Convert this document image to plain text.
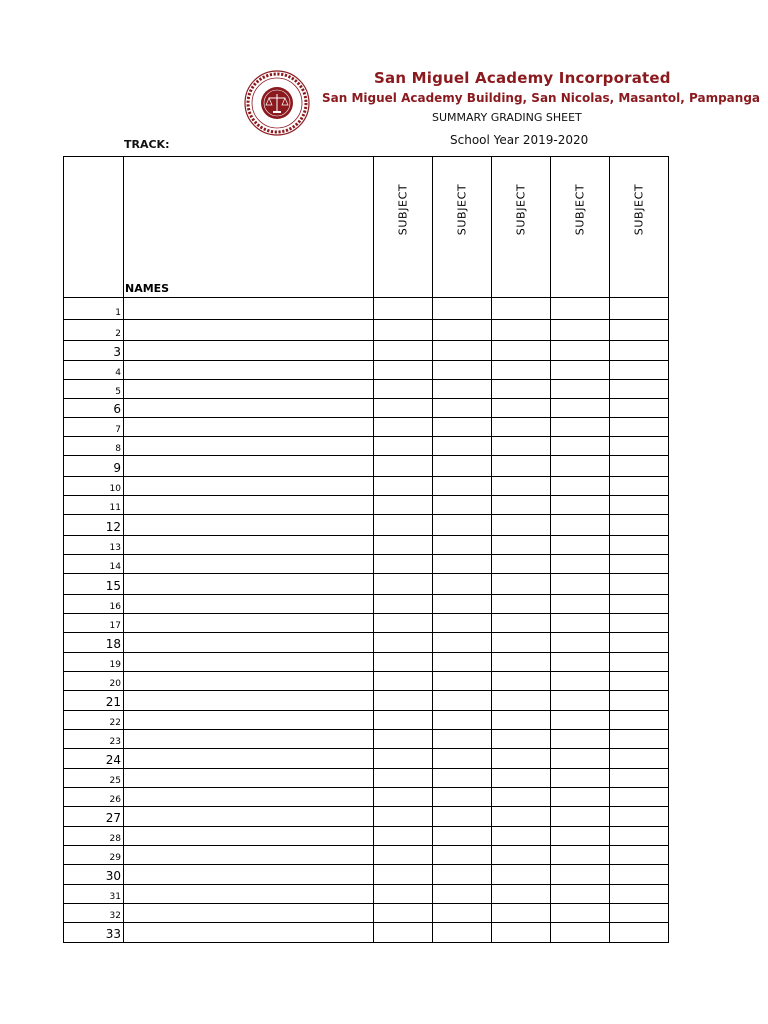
San Miguel Academy Incorporated
San Miguel Academy Building, San Nicolas, Masantol, Pampanga
SUMMARY GRADING SHEET
TRACK:	School Year 2019-2020
	NAMES	SUBJECT	SUBJECT	SUBJECT	SUBJECT	SUBJECT

1						
2						
3						
4						
5						
6						
7						
8						
9						
10						
11						
12						
13						
14						
15						
16						
17						
18						
19						
20						
21						
22						
23						
24						
25						
26						
27						
28						
29						
30						
31						
32						
33						
